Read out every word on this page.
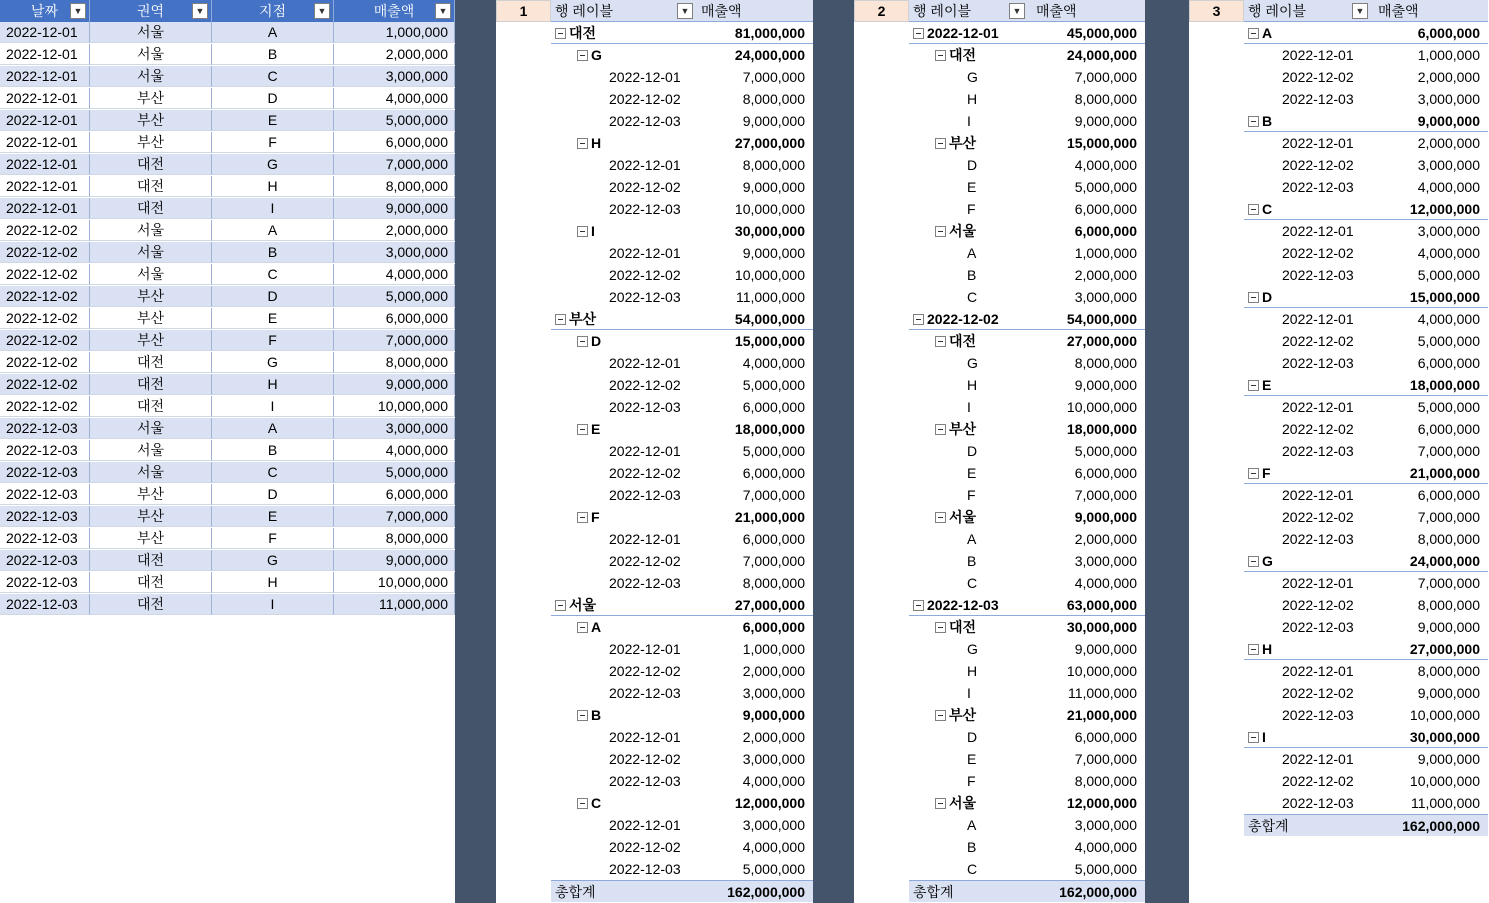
날짜	▼	권역	▼	지점	▼	매출액	▼
2022-12-01	서울	A	1,000,000
2022-12-01	서울	B	2,000,000
2022-12-01	서울	C	3,000,000
2022-12-01	부산	D	4,000,000
2022-12-01	부산	E	5,000,000
2022-12-01	부산	F	6,000,000
2022-12-01	대전	G	7,000,000
2022-12-01	대전	H	8,000,000
2022-12-01	대전	I	9,000,000
2022-12-02	서울	A	2,000,000
2022-12-02	서울	B	3,000,000
2022-12-02	서울	C	4,000,000
2022-12-02	부산	D	5,000,000
2022-12-02	부산	E	6,000,000
2022-12-02	부산	F	7,000,000
2022-12-02	대전	G	8,000,000
2022-12-02	대전	H	9,000,000
2022-12-02	대전	I	10,000,000
2022-12-03	서울	A	3,000,000
2022-12-03	서울	B	4,000,000
2022-12-03	서울	C	5,000,000
2022-12-03	부산	D	6,000,000
2022-12-03	부산	E	7,000,000
2022-12-03	부산	F	8,000,000
2022-12-03	대전	G	9,000,000
2022-12-03	대전	H	10,000,000
2022-12-03	대전	I	11,000,000
1	2	3
행 레이블	▼ 매출액
대전	81,000,000
G	24,000,000
2022-12-01	7,000,000
2022-12-02	8,000,000
2022-12-03	9,000,000
H	27,000,000
2022-12-01	8,000,000
2022-12-02	9,000,000
2022-12-03	10,000,000
I	30,000,000
2022-12-01	9,000,000
2022-12-02	10,000,000
2022-12-03	11,000,000
부산	54,000,000
D	15,000,000
2022-12-01	4,000,000
2022-12-02	5,000,000
2022-12-03	6,000,000
E	18,000,000
2022-12-01	5,000,000
2022-12-02	6,000,000
2022-12-03	7,000,000
F	21,000,000
2022-12-01	6,000,000
2022-12-02	7,000,000
2022-12-03	8,000,000
서울	27,000,000
A	6,000,000
2022-12-01	1,000,000
2022-12-02	2,000,000
2022-12-03	3,000,000
B	9,000,000
2022-12-01	2,000,000
2022-12-02	3,000,000
2022-12-03	4,000,000
C	12,000,000
2022-12-01	3,000,000
2022-12-02	4,000,000
2022-12-03	5,000,000
총합계	162,000,000
행 레이블	▼ 매출액
2022-12-01	45,000,000
대전	24,000,000
G	7,000,000
H	8,000,000
I	9,000,000
부산	15,000,000
D	4,000,000
E	5,000,000
F	6,000,000
서울	6,000,000
A	1,000,000
B	2,000,000
C	3,000,000
2022-12-02	54,000,000
대전	27,000,000
G	8,000,000
H	9,000,000
I	10,000,000
부산	18,000,000
D	5,000,000
E	6,000,000
F	7,000,000
서울	9,000,000
A	2,000,000
B	3,000,000
C	4,000,000
2022-12-03	63,000,000
대전	30,000,000
G	9,000,000
H	10,000,000
I	11,000,000
부산	21,000,000
D	6,000,000
E	7,000,000
F	8,000,000
서울	12,000,000
A	3,000,000
B	4,000,000
C	5,000,000
총합계	162,000,000
행 레이블	▼ 매출액
A	6,000,000
2022-12-01	1,000,000
2022-12-02	2,000,000
2022-12-03	3,000,000
B	9,000,000
2022-12-01	2,000,000
2022-12-02	3,000,000
2022-12-03	4,000,000
C	12,000,000
2022-12-01	3,000,000
2022-12-02	4,000,000
2022-12-03	5,000,000
D	15,000,000
2022-12-01	4,000,000
2022-12-02	5,000,000
2022-12-03	6,000,000
E	18,000,000
2022-12-01	5,000,000
2022-12-02	6,000,000
2022-12-03	7,000,000
F	21,000,000
2022-12-01	6,000,000
2022-12-02	7,000,000
2022-12-03	8,000,000
G	24,000,000
2022-12-01	7,000,000
2022-12-02	8,000,000
2022-12-03	9,000,000
H	27,000,000
2022-12-01	8,000,000
2022-12-02	9,000,000
2022-12-03	10,000,000
I	30,000,000
2022-12-01	9,000,000
2022-12-02	10,000,000
2022-12-03	11,000,000
총합계	162,000,000
